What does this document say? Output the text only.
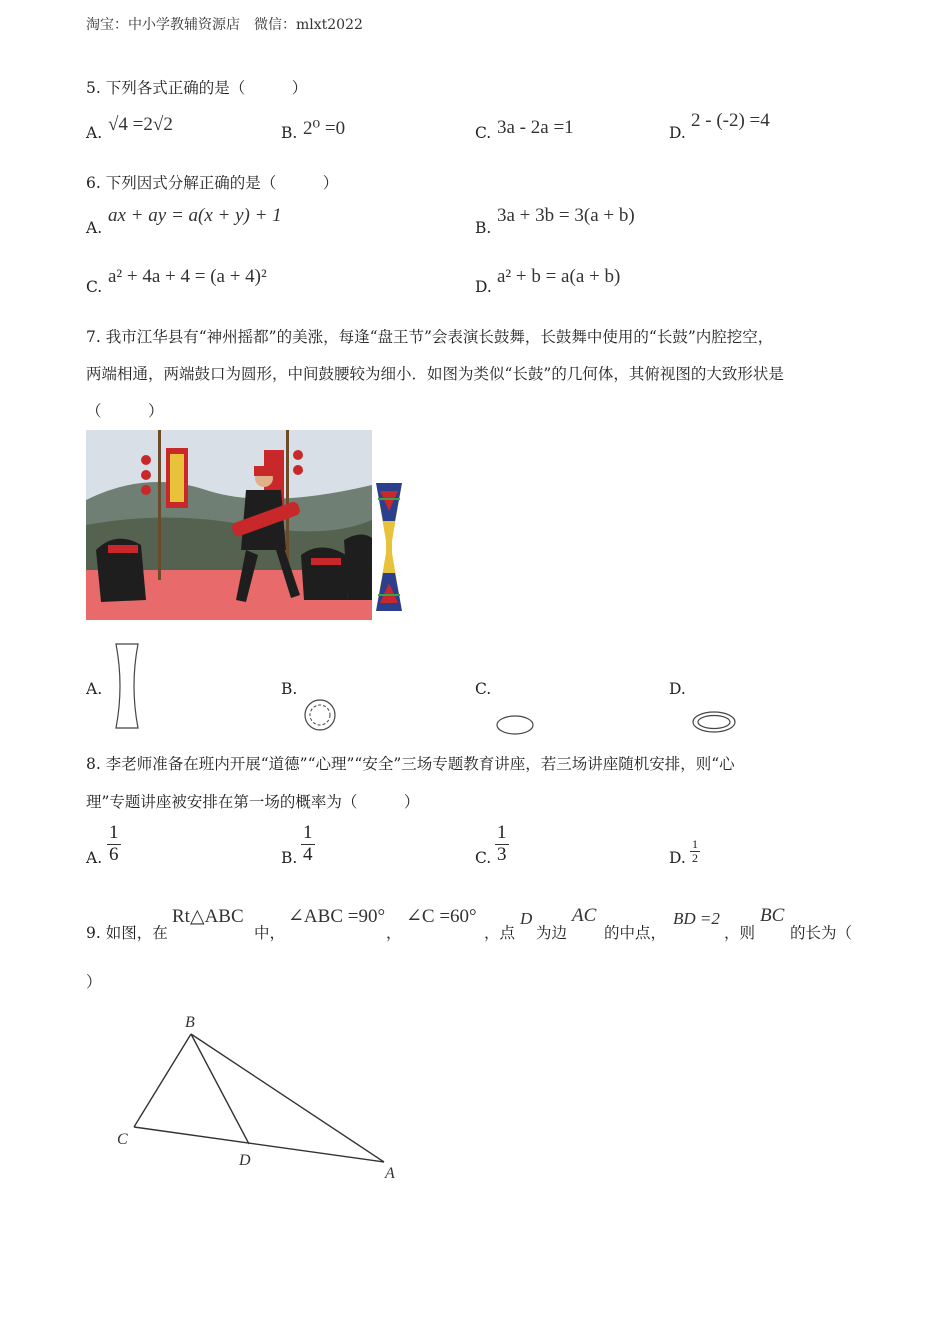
淘宝：中小学教辅资源店　微信：mlxt2022
5. 下列各式正确的是（　　　）
A. √4 =2√2	B. 2⁰ =0	C. 3a - 2a =1	D.
2 - (-2) =4
6. 下列因式分解正确的是（　　　）
A.
ax + ay = a(x + y) + 1
B.
3a + 3b = 3(a + b)
C. a² + 4a + 4 = (a + 4)²	D. a² + b = a(a + b)
7. 我市江华县有“神州摇都”的美涨，每逢“盘王节”会表演长鼓舞，长鼓舞中使用的“长鼓”内腔挖空，
两端相通，两端鼓口为圆形，中间鼓腰较为细小．如图为类似“长鼓”的几何体，其俯视图的大致形状是
（　　　）
A.	B.	C.	D.
8. 李老师准备在班内开展“道德”“心理”“安全”三场专题教育讲座，若三场讲座随机安排，则“心
理”专题讲座被安排在第一场的概率为（　　　）
A. $\frac{1}{6}$	B. $\frac{1}{4}$	C. $\frac{1}{3}$	D. $\frac{1}{2}$
9. 如图，在
Rt△ABC
中，
∠ABC =90°
，
∠C =60°
，点
D
为边
AC
的中点，
BD =2
，则
BC
的长为（
）
B
C
D
A
